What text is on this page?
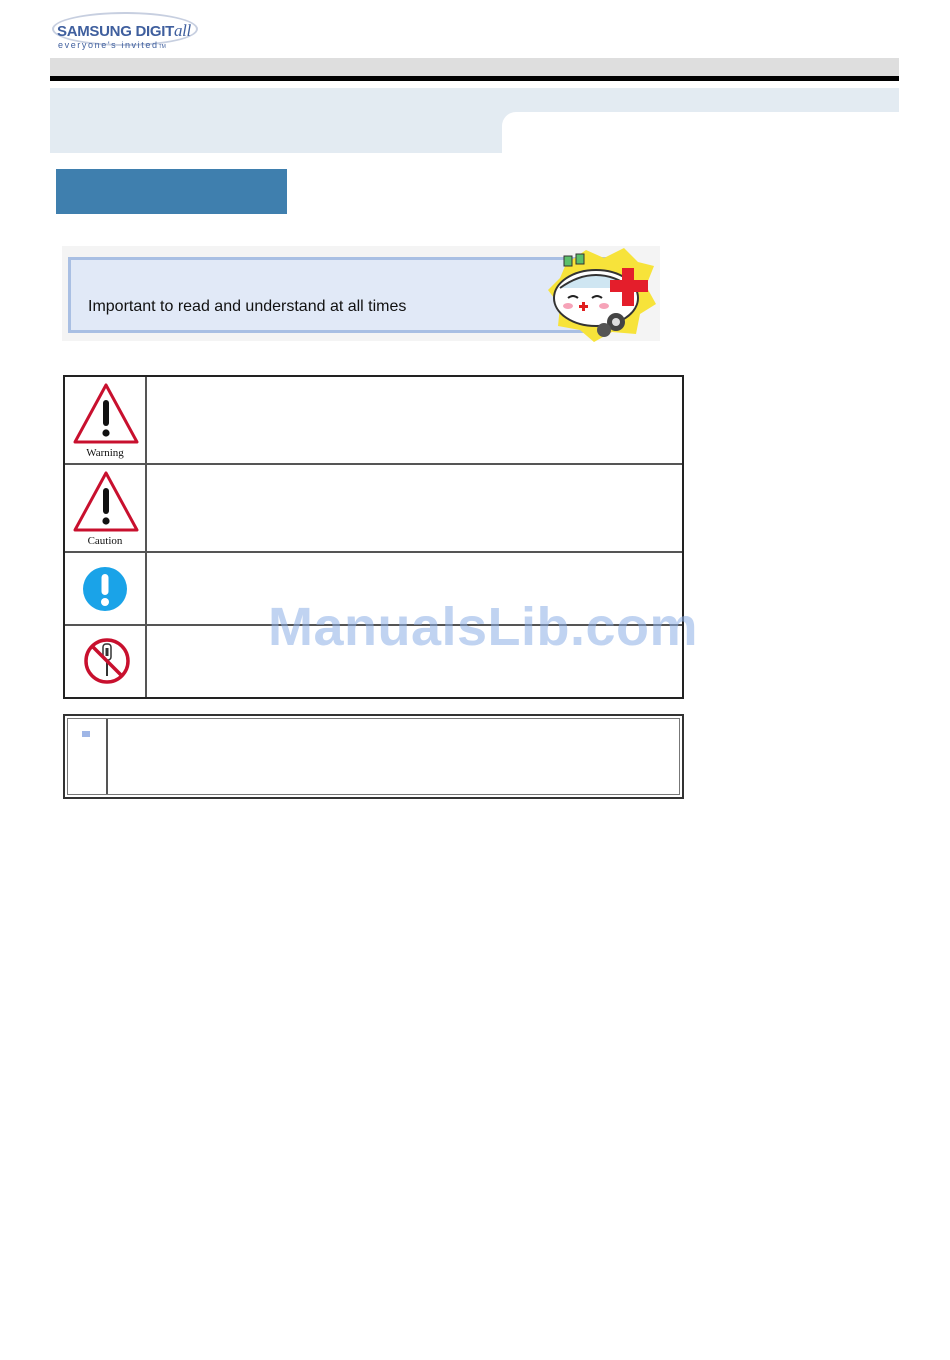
SAMSUNG DIGITall
everyone's invitedTM
Important to read and understand at all times
Warning
Caution
ManualsLib.com
